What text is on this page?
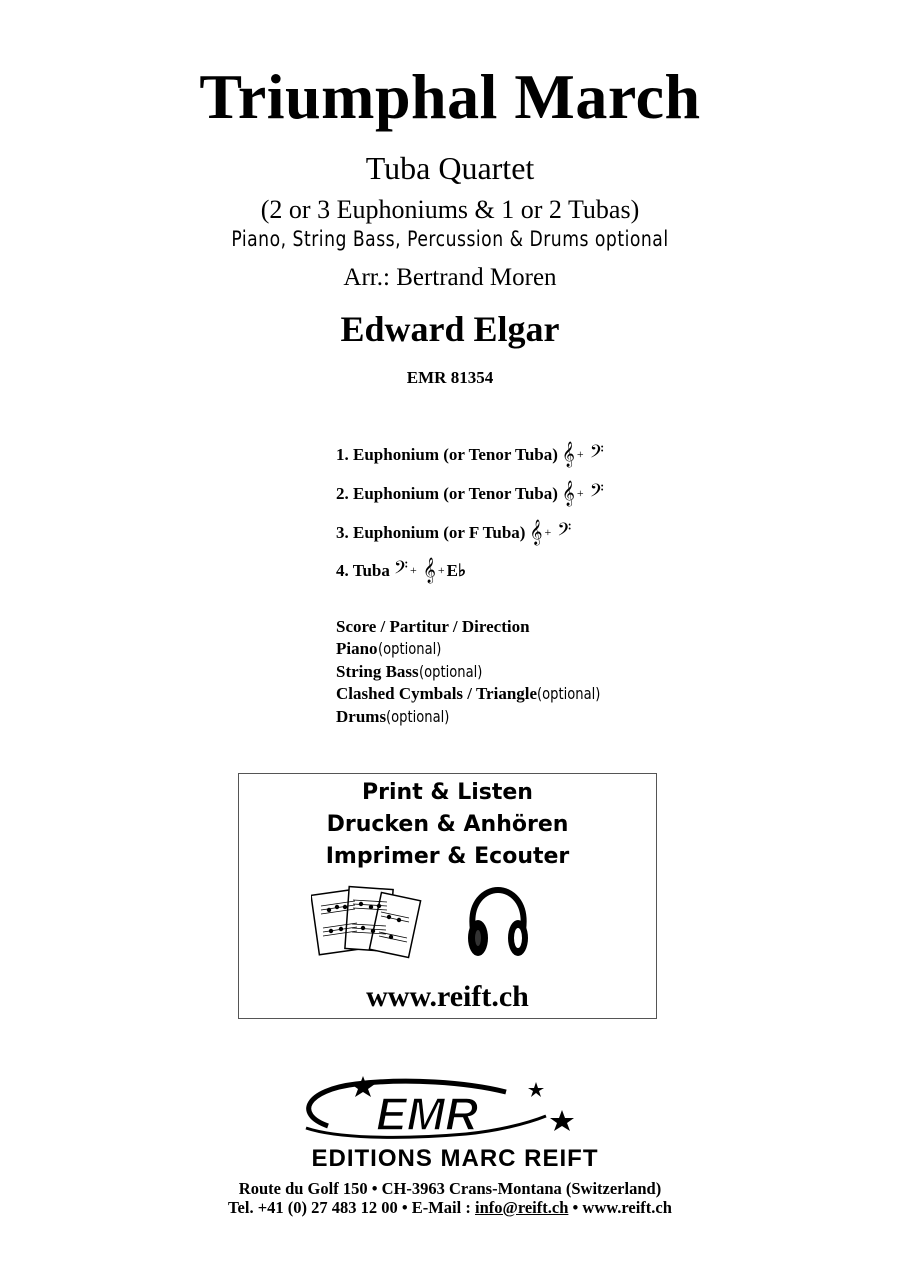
Triumphal March
Tuba Quartet
(2 or 3 Euphoniums & 1 or 2 Tubas)
Piano, String Bass, Percussion & Drums optional
Arr.: Bertrand Moren
Edward Elgar
EMR 81354
1. Euphonium (or Tenor Tuba) 𝄞 + 𝄢
2. Euphonium (or Tenor Tuba) 𝄞 + 𝄢
3. Euphonium (or F Tuba) 𝄞 + 𝄢
4. Tuba 𝄢 + 𝄞 + E♭
Score / Partitur / Direction
Piano(optional)
String Bass(optional)
Clashed Cymbals / Triangle(optional)
Drums(optional)
Print & Listen
Drucken & Anhören
Imprimer & Ecouter
www.reift.ch
EMR
EDITIONS MARC REIFT
Route du Golf 150 • CH-3963 Crans-Montana (Switzerland)
Tel. +41 (0) 27 483 12 00 • E-Mail : info@reift.ch • www.reift.ch
